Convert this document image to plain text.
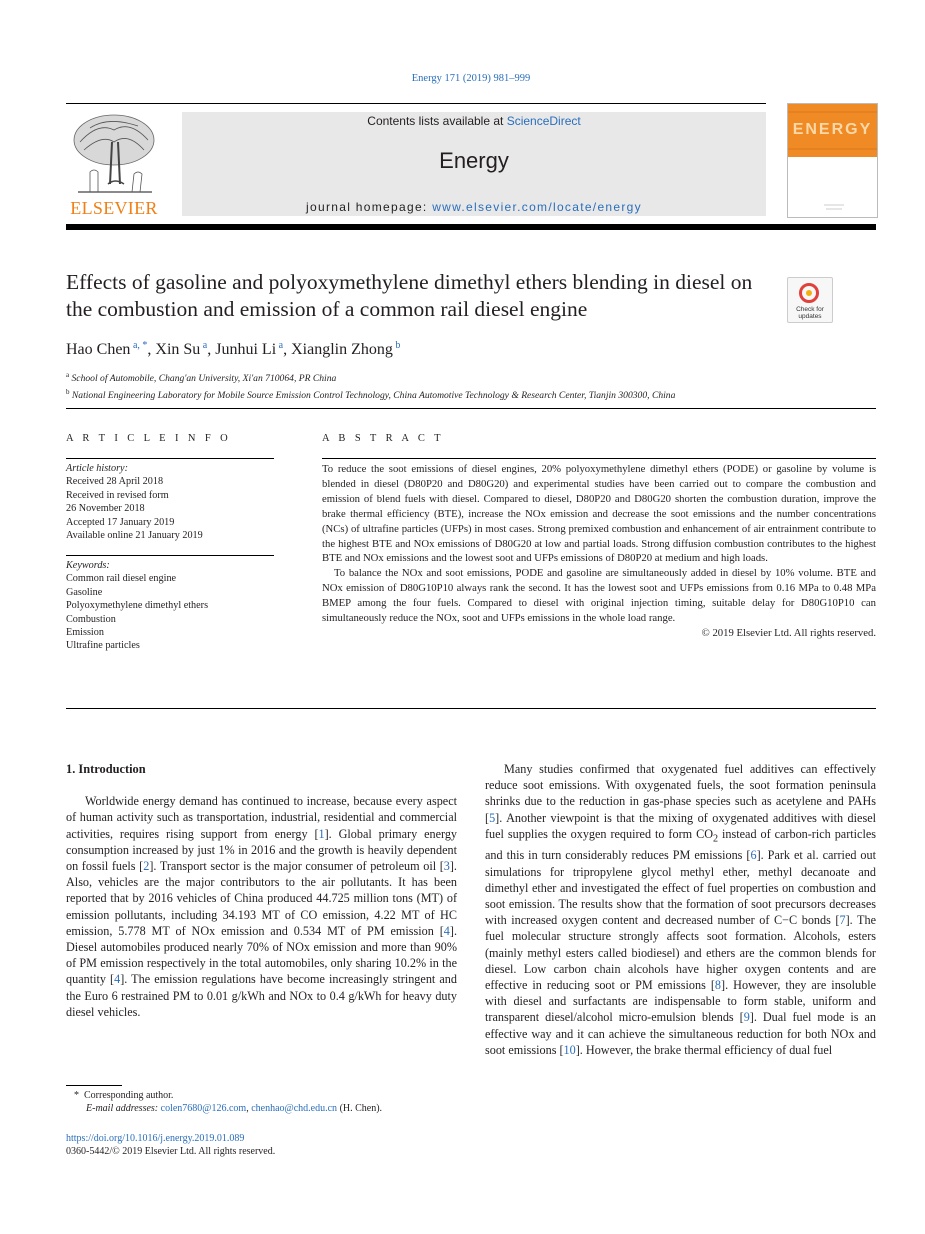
Energy 171 (2019) 981–999
ELSEVIER
Contents lists available at ScienceDirect
Energy
journal homepage: www.elsevier.com/locate/energy
ENERGY
Effects of gasoline and polyoxymethylene dimethyl ethers blending in diesel on the combustion and emission of a common rail diesel engine	Check for updates
Hao Chen $^{a, *}$, Xin Su $^a$, Junhui Li $^a$, Xianglin Zhong $^b$
$^a$ School of Automobile, Chang'an University, Xi'an 710064, PR China
$^b$ National Engineering Laboratory for Mobile Source Emission Control Technology, China Automotive Technology & Research Center, Tianjin 300300, China
A R T I C L E I N F O	A B S T R A C T
Article history:
Received 28 April 2018
Received in revised form
26 November 2018
Accepted 17 January 2019
Available online 21 January 2019
Keywords:
Common rail diesel engine
Gasoline
Polyoxymethylene dimethyl ethers
Combustion
Emission
Ultrafine particles

To reduce the soot emissions of diesel engines, 20% polyoxymethylene dimethyl ethers (PODE) or gasoline by volume is blended in diesel (D80P20 and D80G20) and experimental studies have been carried out to compare the combustion and emission of blend fuels with diesel. Compared to diesel, D80P20 and D80G20 shorten the combustion duration, improve the brake thermal efficiency (BTE), increase the NOx emission and decrease the soot emissions and the number concentrations (NCs) of ultrafine particles (UFPs) in most cases. Strong premixed combustion and enhancement of air entrainment contribute to the highest BTE and NOx emissions of D80G20 at low and partial loads. Strong diffusion combustion contributes to the highest BTE and NOx emissions and the lowest soot and UFPs emissions of D80P20 at medium and high loads.

To balance the NOx and soot emissions, PODE and gasoline are simultaneously added in diesel by 10% volume. BTE and NOx emission of D80G10P10 always rank the second. It has the lowest soot and UFPs emissions from 0.16 MPa to 0.48 MPa BMEP among the four fuels. Compared to diesel with original injection timing, suitable delay for D80G10P10 can simultaneously reduce the NOx, soot and UFPs emissions in the whole load range.

© 2019 Elsevier Ltd. All rights reserved.

1. Introduction

Worldwide energy demand has continued to increase, because every aspect of human activity such as transportation, industrial, residential and commercial activities, requires rising support from energy [1]. Global primary energy consumption increased by just 1% in 2016 and the growth is heavily dependent on fossil fuels [2]. Transport sector is the major consumer of petroleum oil [3]. Also, vehicles are the major contributors to the air pollutants. It has been reported that by 2016 vehicles of China produced 44.725 million tons (MT) of emission pollutants, including 34.193 MT of CO emission, 4.22 MT of HC emission, 5.778 MT of NOx emission and 0.534 MT of PM emission [4]. Diesel automobiles produced nearly 70% of NOx emission and more than 90% of PM emission respectively in the total automobiles, only sharing 10.2% in the quantity [4]. The emission regulations have become increasingly stringent and the Euro 6 restrained PM to 0.01 g/kWh and NOx to 0.4 g/kWh for heavy duty diesel vehicles.

Many studies confirmed that oxygenated fuel additives can effectively reduce soot emissions. With oxygenated fuels, the soot formation peninsula shrinks due to the reduction in gas-phase species such as acetylene and PAHs [5]. Another viewpoint is that the mixing of oxygenated additives with diesel fuel supplies the oxygen required to form $CO_2$ instead of carbon-rich particles and this in turn considerably reduces PM emissions [6]. Park et al. carried out simulations for tripropylene glycol methyl ether, methyl decanoate and dimethyl ether and investigated the effect of fuel properties on combustion and soot emission. The results show that the formation of soot precursors decreases with increased oxygen content and decreased number of C−C bonds [7]. The fuel molecular structure strongly affects soot formation. Alcohols, esters (mainly methyl esters called biodiesel) and ethers are the common blends for diesel. Low carbon chain alcohols have higher oxygen contents and are effective in reducing soot or PM emissions [8]. However, they are insoluble with diesel and surfactants are indispensable to form stable, uniform and transparent diesel/alcohol micro-emulsion blends [9]. Dual fuel mode is an effective way and it can achieve the simultaneous reduction for both NOx and soot emissions [10]. However, the brake thermal efficiency of dual fuel

* Corresponding author.
E-mail addresses: colen7680@126.com, chenhao@chd.edu.cn (H. Chen).
https://doi.org/10.1016/j.energy.2019.01.089
0360-5442/© 2019 Elsevier Ltd. All rights reserved.
